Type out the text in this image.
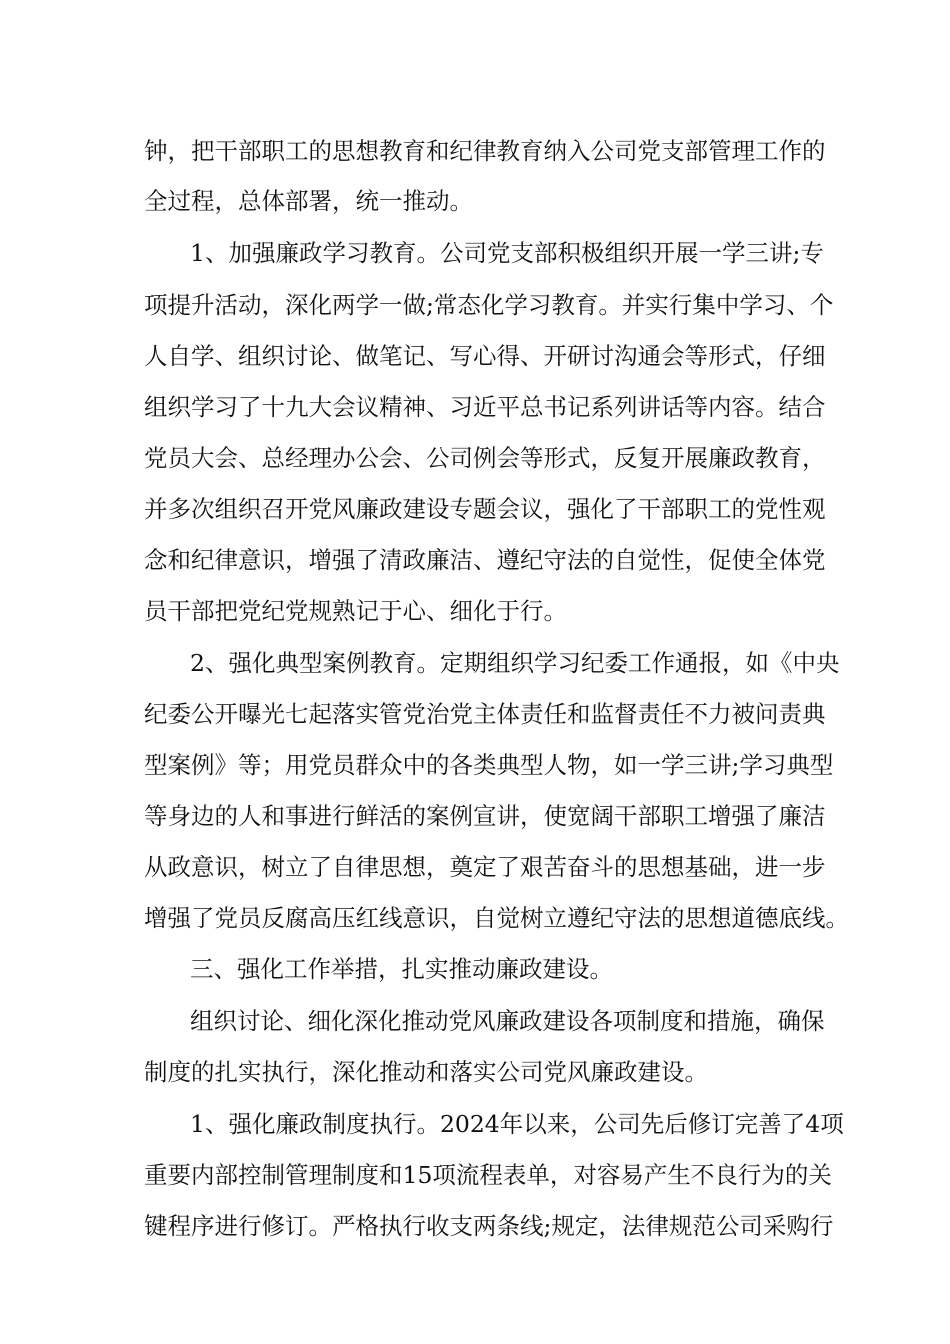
钟，把干部职工的思想教育和纪律教育纳入公司党支部管理工作的
全过程，总体部署，统一推动。
1、加强廉政学习教育。公司党支部积极组织开展一学三讲;专
项提升活动，深化两学一做;常态化学习教育。并实行集中学习、个
人自学、组织讨论、做笔记、写心得、开研讨沟通会等形式，仔细
组织学习了十九大会议精神、习近平总书记系列讲话等内容。结合
党员大会、总经理办公会、公司例会等形式，反复开展廉政教育，
并多次组织召开党风廉政建设专题会议，强化了干部职工的党性观
念和纪律意识，增强了清政廉洁、遵纪守法的自觉性，促使全体党
员干部把党纪党规熟记于心、细化于行。
2、强化典型案例教育。定期组织学习纪委工作通报，如《中央
纪委公开曝光七起落实管党治党主体责任和监督责任不力被问责典
型案例》等；用党员群众中的各类典型人物，如一学三讲;学习典型
等身边的人和事进行鲜活的案例宣讲，使宽阔干部职工增强了廉洁
从政意识，树立了自律思想，奠定了艰苦奋斗的思想基础，进一步
增强了党员反腐高压红线意识，自觉树立遵纪守法的思想道德底线。
三、强化工作举措，扎实推动廉政建设。
组织讨论、细化深化推动党风廉政建设各项制度和措施，确保
制度的扎实执行，深化推动和落实公司党风廉政建设。
1、强化廉政制度执行。2024年以来，公司先后修订完善了4项
重要内部控制管理制度和15项流程表单，对容易产生不良行为的关
键程序进行修订。严格执行收支两条线;规定，法律规范公司采购行
